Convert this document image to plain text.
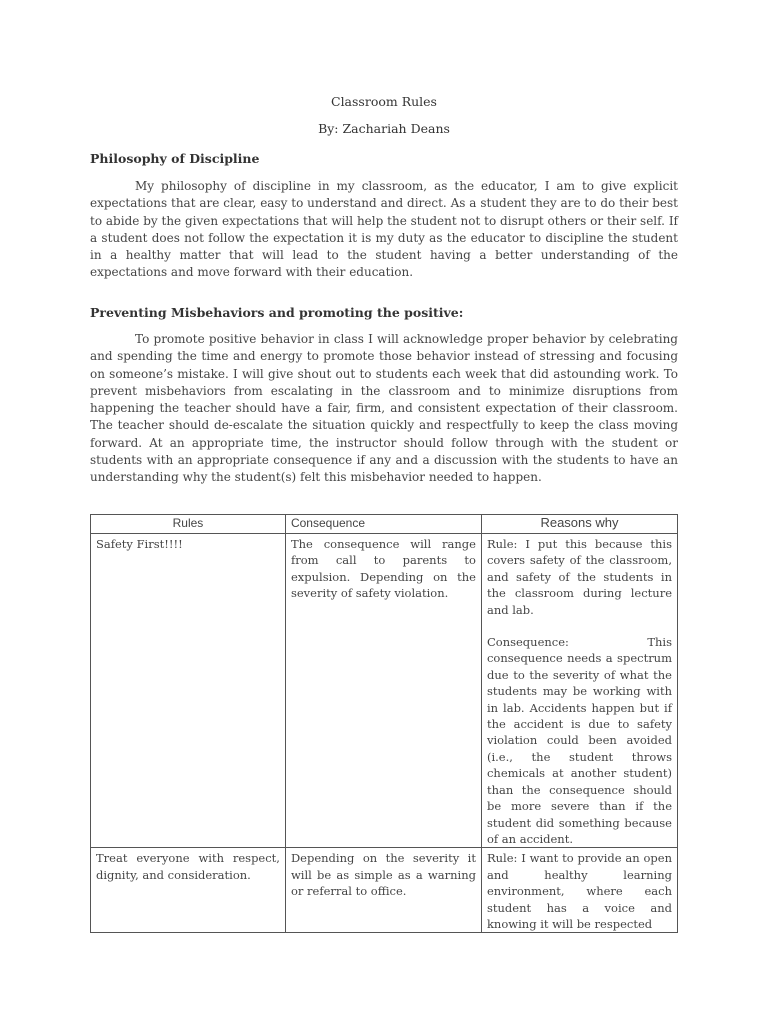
Classroom Rules
By: Zachariah Deans
Philosophy of Discipline

My philosophy of discipline in my classroom, as the educator, I am to give explicit expectations that are clear, easy to understand and direct. As a student they are to do their best to abide by the given expectations that will help the student not to disrupt others or their self. If a student does not follow the expectation it is my duty as the educator to discipline the student in a healthy matter that will lead to the student having a better understanding of the expectations and move forward with their education.

Preventing Misbehaviors and promoting the positive:

To promote positive behavior in class I will acknowledge proper behavior by celebrating and spending the time and energy to promote those behavior instead of stressing and focusing on someone’s mistake. I will give shout out to students each week that did astounding work. To prevent misbehaviors from escalating in the classroom and to minimize disruptions from happening the teacher should have a fair, firm, and consistent expectation of their classroom. The teacher should de-escalate the situation quickly and respectfully to keep the class moving forward. At an appropriate time, the instructor should follow through with the student or students with an appropriate consequence if any and a discussion with the students to have an understanding why the student(s) felt this misbehavior needed to happen.

Rules	Consequence	Reasons why
Safety First!!!!	The consequence will range from call to parents to expulsion. Depending on the severity of safety violation.	Rule: I put this because this covers safety of the classroom, and safety of the students in the classroom during lecture and lab.
Consequence: This consequence needs a spectrum due to the severity of what the students may be working with in lab. Accidents happen but if the accident is due to safety violation could been avoided (i.e., the student throws chemicals at another student) than the consequence should be more severe than if the student did something because of an accident.
Treat everyone with respect, dignity, and consideration.	Depending on the severity it will be as simple as a warning or referral to office.	Rule: I want to provide an open and healthy learning environment, where each student has a voice and knowing it will be respected
